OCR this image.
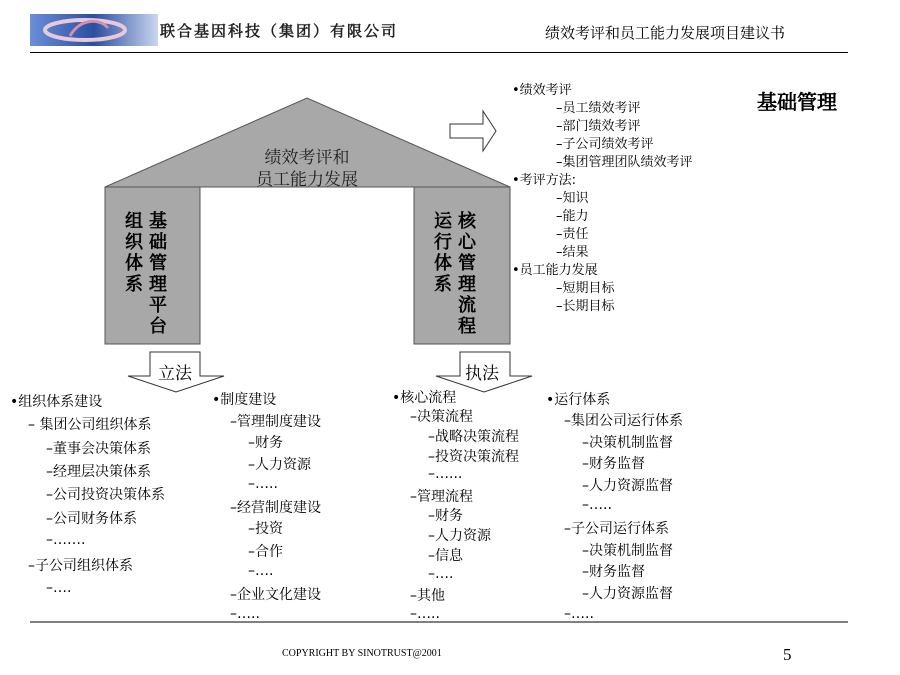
联合基因科技（集团）有限公司	绩效考评和员工能力发展项目建议书
基础管理
绩效考评和
员工能力发展
基础管理平台
组织体系
核心管理流程
运行体系
立法	执法
•绩效考评
–员工绩效考评
–部门绩效考评
–子公司绩效考评
–集团管理团队绩效考评
•考评方法:
–知识
–能力
–责任
–结果
•员工能力发展
–短期目标
–长期目标
•组织体系建设
– 集团公司组织体系
–董事会决策体系
–经理层决策体系
–公司投资决策体系
–公司财务体系
–…….
–子公司组织体系
–….
•制度建设
–管理制度建设
–财务
–人力资源
–…..
–经营制度建设
–投资
–合作
–….
–企业文化建设
–…..
•核心流程
–决策流程
–战略决策流程
–投资决策流程
–…...
–管理流程
–财务
–人力资源
–信息
–….
–其他
–…..
•运行体系
–集团公司运行体系
–决策机制监督
–财务监督
–人力资源监督
–…..
–子公司运行体系
–决策机制监督
–财务监督
–人力资源监督
–…..
COPYRIGHT BY SINOTRUST@2001	5
